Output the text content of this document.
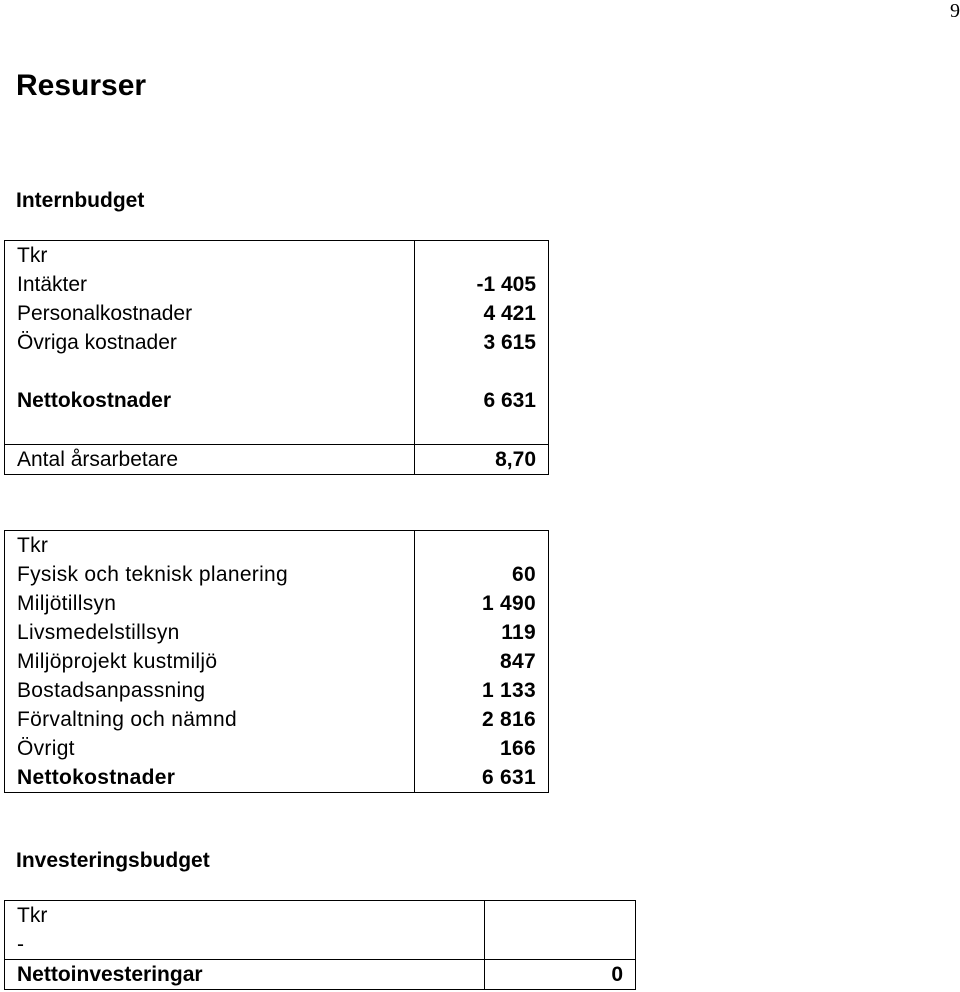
9
Resurser
Internbudget
Tkr	
Intäkter	-1 405
Personalkostnader	4 421
Övriga kostnader	3 615

Nettokostnader	6 631

Antal årsarbetare	8,70
Tkr	
Fysisk och teknisk planering	60
Miljötillsyn	1 490
Livsmedelstillsyn	119
Miljöprojekt kustmiljö	847
Bostadsanpassning	1 133
Förvaltning och nämnd	2 816
Övrigt	166
Nettokostnader	6 631
Investeringsbudget
Tkr	
-	
Nettoinvesteringar	0
